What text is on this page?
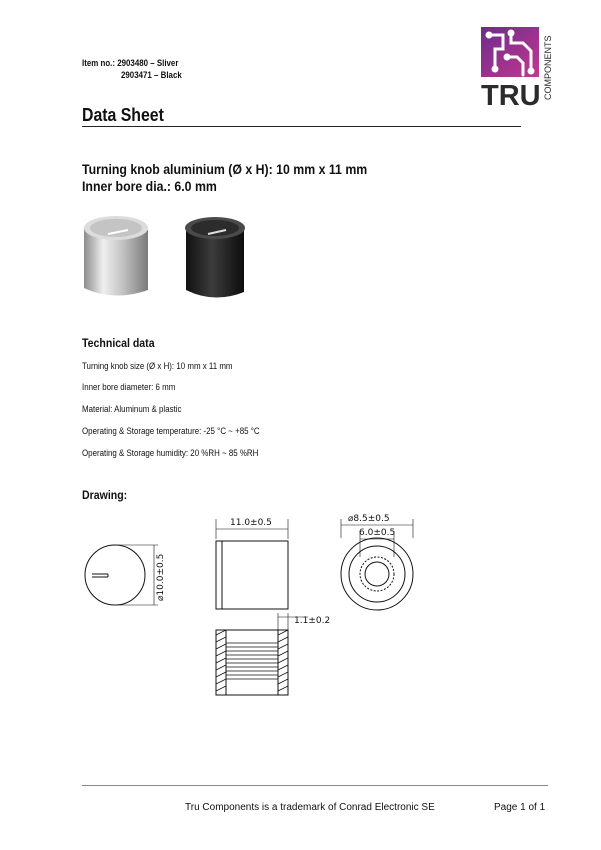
Item no.: 2903480 – Sliver
2903471 – Black
TRU COMPONENTS
Data Sheet
Turning knob aluminium (Ø x H): 10 mm x 11 mm
Inner bore dia.: 6.0 mm
Technical data
Turning knob size (Ø x H): 10 mm x 11 mm
Inner bore diameter: 6 mm
Material: Aluminum & plastic
Operating & Storage temperature: -25 °C ~ +85 °C
Operating & Storage humidity: 20 %RH ~ 85 %RH
Drawing:
11.0±0.5	⌀8.5±0.5
6.0±0.5
1.1±0.2
⌀10.0±0.5
Tru Components is a trademark of Conrad Electronic SE	Page 1 of 1
